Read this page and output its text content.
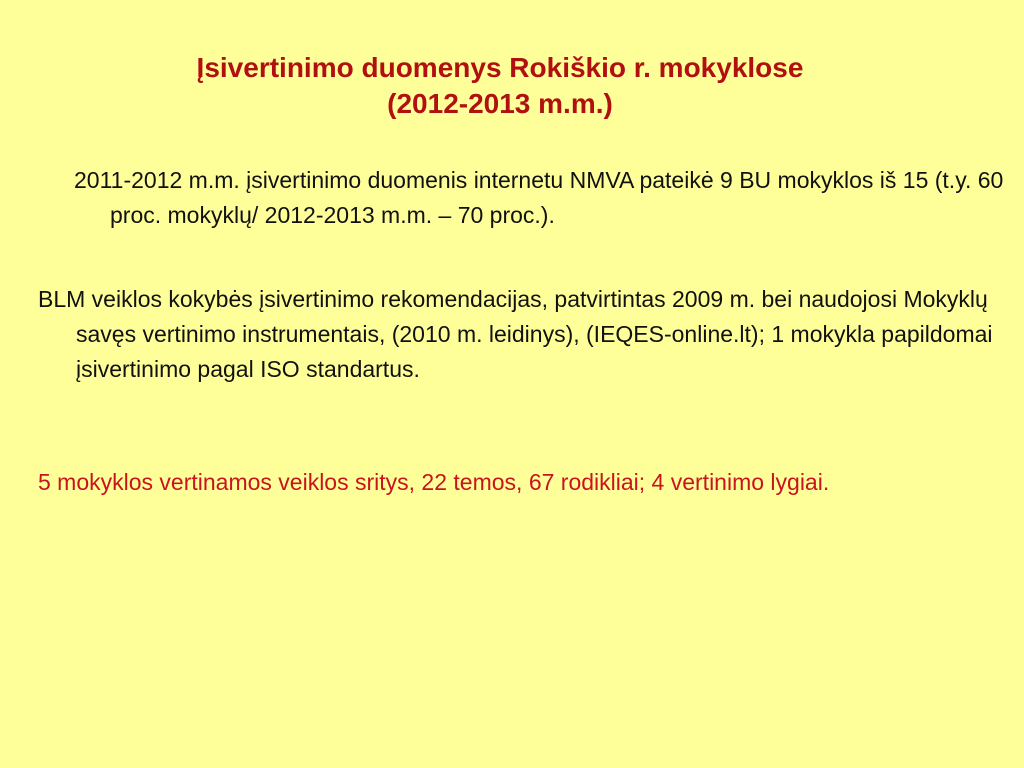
Įsivertinimo duomenys Rokiškio r. mokyklose
(2012-2013 m.m.)
2011-2012 m.m. įsivertinimo duomenis internetu NMVA pateikė 9 BU mokyklos iš 15 (t.y. 60 proc. mokyklų/ 2012-2013 m.m. – 70 proc.).
BLM veiklos kokybės įsivertinimo rekomendacijas, patvirtintas 2009 m. bei naudojosi Mokyklų savęs vertinimo instrumentais, (2010 m. leidinys), (IEQES-online.lt); 1 mokykla papildomai įsivertinimo pagal ISO standartus.
5 mokyklos vertinamos veiklos sritys, 22 temos, 67 rodikliai; 4 vertinimo lygiai.
